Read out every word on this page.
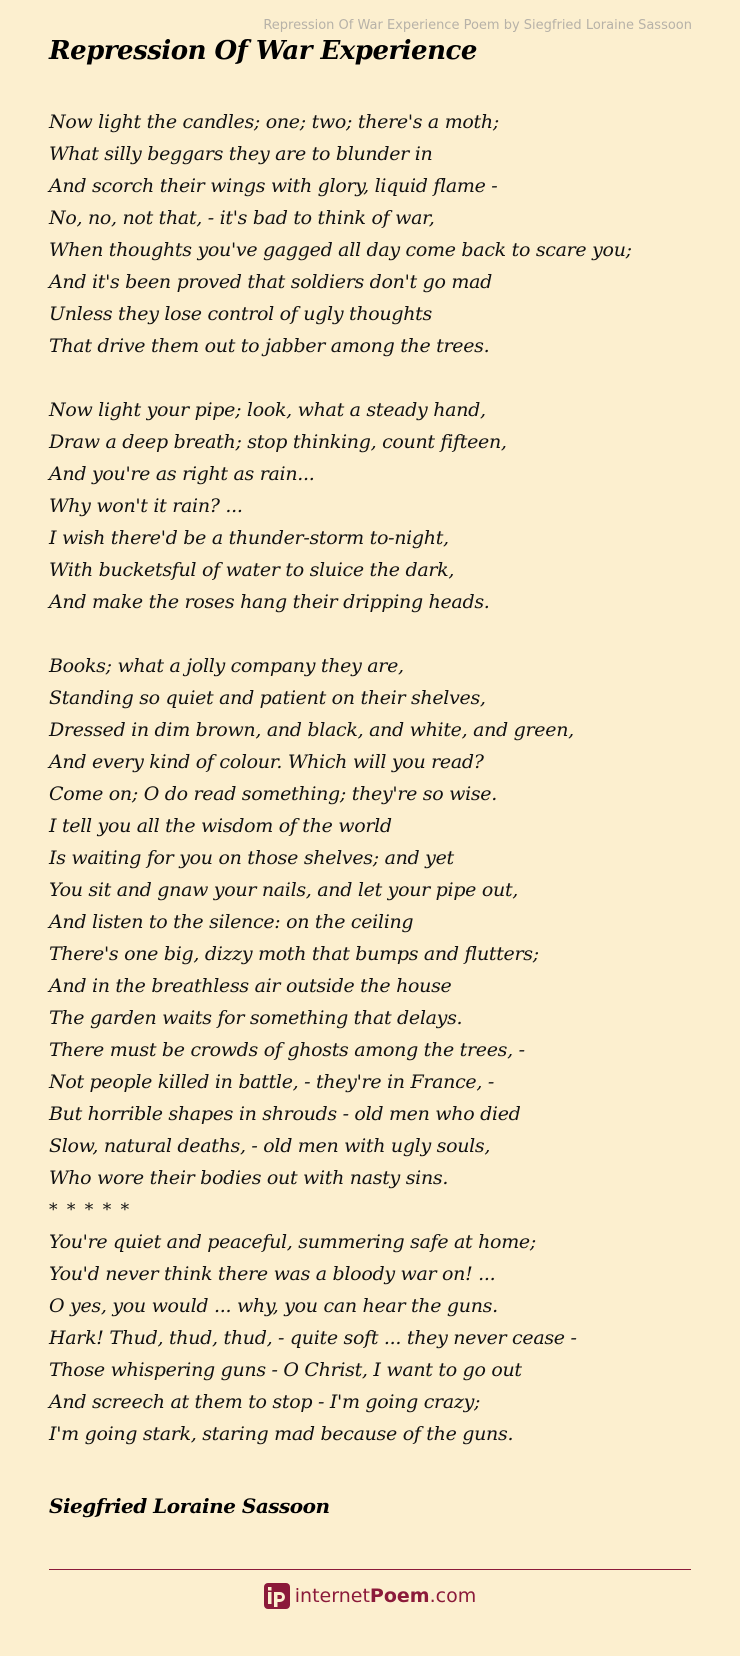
Repression Of War Experience Poem by Siegfried Loraine Sassoon
Repression Of War Experience
Now light the candles; one; two; there's a moth;
What silly beggars they are to blunder in
And scorch their wings with glory, liquid flame -
No, no, not that, - it's bad to think of war,
When thoughts you've gagged all day come back to scare you;
And it's been proved that soldiers don't go mad
Unless they lose control of ugly thoughts
That drive them out to jabber among the trees.
Now light your pipe; look, what a steady hand,
Draw a deep breath; stop thinking, count fifteen,
And you're as right as rain...
Why won't it rain? ...
I wish there'd be a thunder-storm to-night,
With bucketsful of water to sluice the dark,
And make the roses hang their dripping heads.
Books; what a jolly company they are,
Standing so quiet and patient on their shelves,
Dressed in dim brown, and black, and white, and green,
And every kind of colour. Which will you read?
Come on; O do read something; they're so wise.
I tell you all the wisdom of the world
Is waiting for you on those shelves; and yet
You sit and gnaw your nails, and let your pipe out,
And listen to the silence: on the ceiling
There's one big, dizzy moth that bumps and flutters;
And in the breathless air outside the house
The garden waits for something that delays.
There must be crowds of ghosts among the trees, -
Not people killed in battle, - they're in France, -
But horrible shapes in shrouds - old men who died
Slow, natural deaths, - old men with ugly souls,
Who wore their bodies out with nasty sins.
* * * * *
You're quiet and peaceful, summering safe at home;
You'd never think there was a bloody war on! ...
O yes, you would ... why, you can hear the guns.
Hark! Thud, thud, thud, - quite soft ... they never cease -
Those whispering guns - O Christ, I want to go out
And screech at them to stop - I'm going crazy;
I'm going stark, staring mad because of the guns.
Siegfried Loraine Sassoon
internetPoem.com
